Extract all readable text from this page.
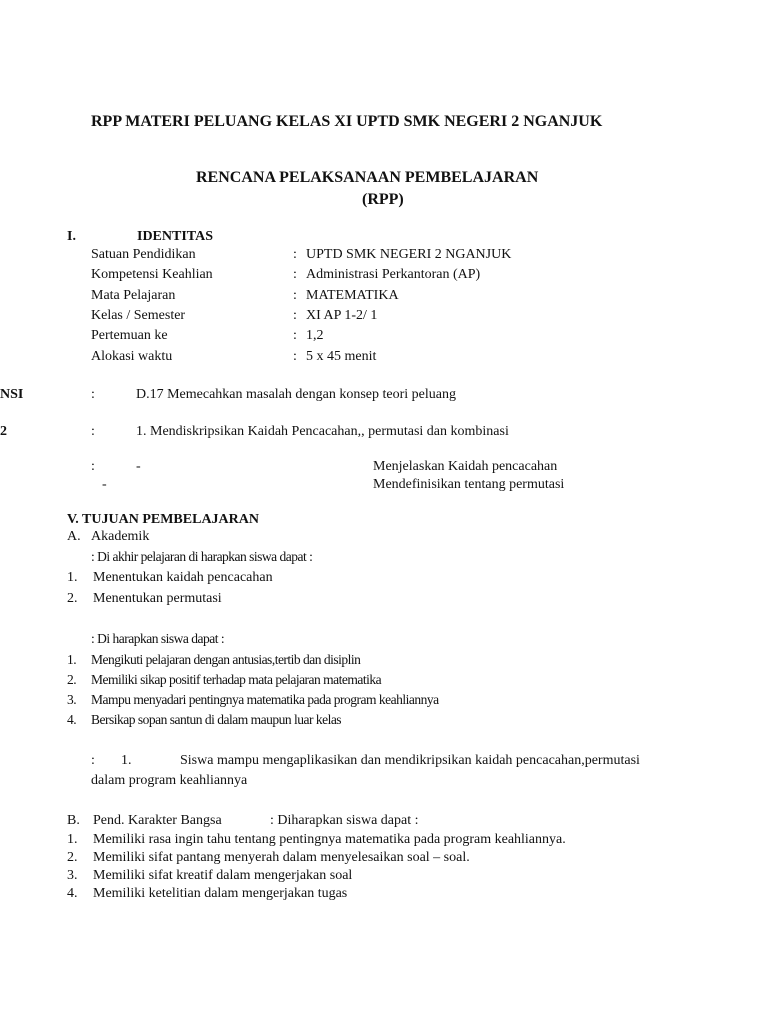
RPP MATERI PELUANG KELAS XI UPTD SMK NEGERI 2 NGANJUK
RENCANA PELAKSANAAN PEMBELAJARAN
(RPP)
I.	IDENTITAS
Satuan Pendidikan	: UPTD SMK NEGERI 2 NGANJUK
Kompetensi Keahlian	: Administrasi Perkantoran (AP)
Mata Pelajaran	: MATEMATIKA
Kelas / Semester	: XI AP 1-2/ 1
Pertemuan ke	: 1,2
Alokasi waktu	: 5 x 45 menit
NSI	:	D.17 Memecahkan masalah dengan konsep teori peluang
2	:	1. Mendiskripsikan Kaidah Pencacahan,, permutasi dan kombinasi
:	-	Menjelaskan Kaidah pencacahan
-	Mendefinisikan tentang permutasi
V. TUJUAN PEMBELAJARAN
A. Akademik
: Di akhir pelajaran di harapkan siswa dapat :
1. Menentukan kaidah pencacahan
2. Menentukan permutasi
: Di harapkan siswa dapat :
1. Mengikuti pelajaran dengan antusias,tertib dan disiplin
2. Memiliki sikap positif terhadap mata pelajaran matematika
3. Mampu menyadari pentingnya matematika pada program keahliannya
4. Bersikap sopan santun di dalam maupun luar kelas
: 1.	Siswa mampu mengaplikasikan dan mendikripsikan kaidah pencacahan,permutasi
dalam program keahliannya
B. Pend. Karakter Bangsa	: Diharapkan siswa dapat :
1. Memiliki rasa ingin tahu tentang pentingnya matematika pada program keahliannya.
2. Memiliki sifat pantang menyerah dalam menyelesaikan soal – soal.
3. Memiliki sifat kreatif dalam mengerjakan soal
4. Memiliki ketelitian dalam mengerjakan tugas
